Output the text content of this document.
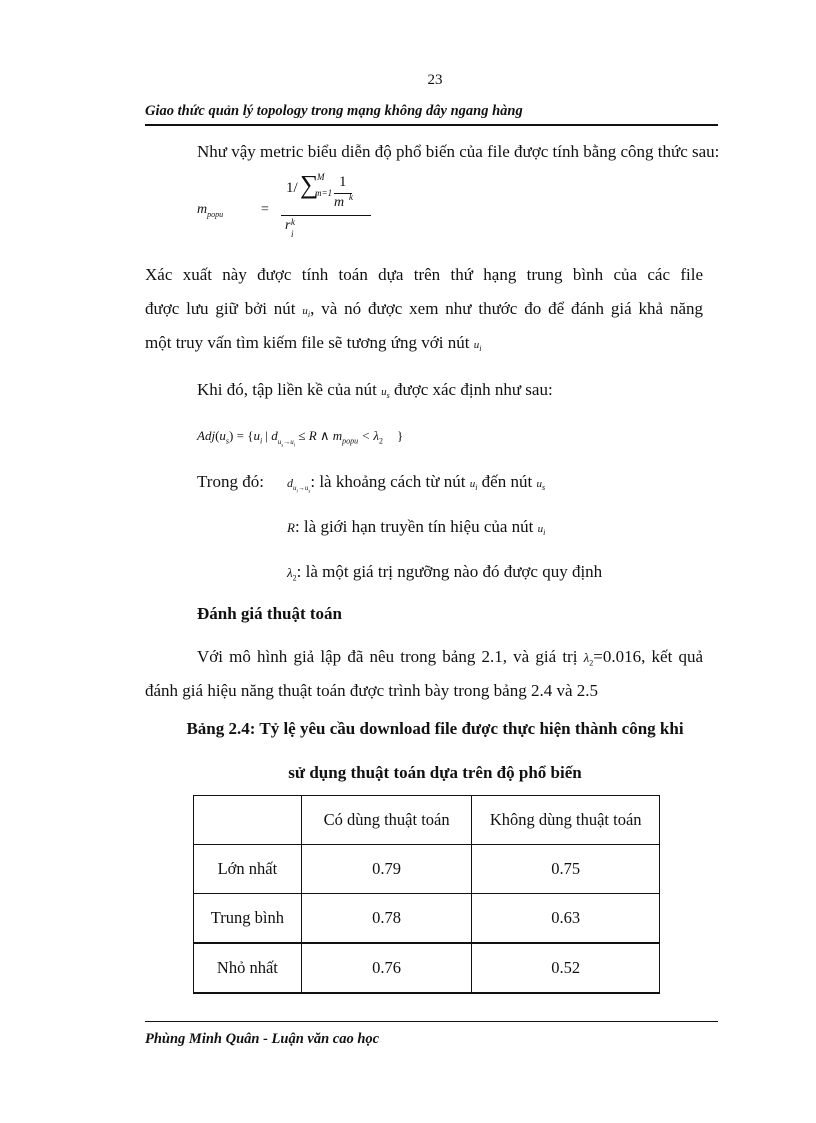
23
Giao thức quản lý topology trong mạng không dây ngang hàng
Như vậy metric biểu diễn độ phổ biến của file được tính bằng công thức sau:
$m_{popu}$	=
1/ ∑
M
m=1
1
m k
r k
i
Xác xuất này được tính toán dựa trên thứ hạng trung bình của các file
được lưu giữ bởi nút $u_i$, và nó được xem như thước đo để đánh giá khả năng
một truy vấn tìm kiếm file sẽ tương ứng với nút $u_i$
Khi đó, tập liền kề của nút $u_s$ được xác định như sau:
$Adj(u_s) = \{u_i$ | $d_{u_s\to u_i} \le R$ ∧ $m_{popu} < \lambda_2$ }
Trong đó: $d_{u_i\to u_s}$: là khoảng cách từ nút $u_i$ đến nút $u_s$
R: là giới hạn truyền tín hiệu của nút $u_i$
$\lambda_2$: là một giá trị ngưỡng nào đó được quy định
Đánh giá thuật toán
Với mô hình giả lập đã nêu trong bảng 2.1, và giá trị $\lambda_2=0.016$, kết quả
đánh giá hiệu năng thuật toán được trình bày trong bảng 2.4 và 2.5
Bảng 2.4: Tỷ lệ yêu cầu download file được thực hiện thành công khi
sử dụng thuật toán dựa trên độ phổ biến
	Có dùng thuật toán	Không dùng thuật toán
Lớn nhất	0.79	0.75
Trung bình	0.78	0.63
Nhỏ nhất	0.76	0.52
Phùng Minh Quân - Luận văn cao học
